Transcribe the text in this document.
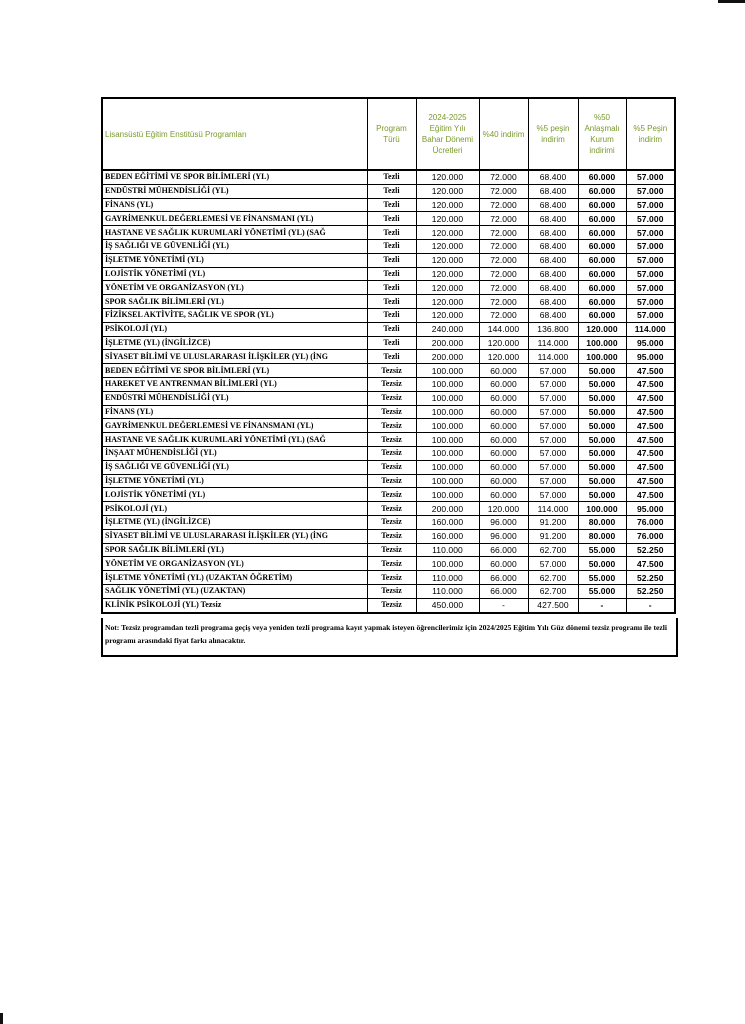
Lisansüstü Eğitim Enstitüsü Programları	Program Türü	2024-2025 Eğitim Yılı Bahar Dönemi Ücretleri	%40 indirim	%5 peşin indirim	%50 Anlaşmalı Kurum indirimi	%5 Peşin indirim
BEDEN EĞİTİMİ VE SPOR BİLİMLERİ (YL)	Tezli	120.000	72.000	68.400	60.000	57.000
ENDÜSTRİ MÜHENDİSLİĞİ (YL)	Tezli	120.000	72.000	68.400	60.000	57.000
FİNANS (YL)	Tezli	120.000	72.000	68.400	60.000	57.000
GAYRİMENKUL DEĞERLEMESİ VE FİNANSMANI (YL)	Tezli	120.000	72.000	68.400	60.000	57.000
HASTANE VE SAĞLIK KURUMLARİ YÖNETİMİ (YL) (SAĞ	Tezli	120.000	72.000	68.400	60.000	57.000
İŞ SAĞLIĞI VE GÜVENLİĞİ (YL)	Tezli	120.000	72.000	68.400	60.000	57.000
İŞLETME YÖNETİMİ (YL)	Tezli	120.000	72.000	68.400	60.000	57.000
LOJİSTİK YÖNETİMİ (YL)	Tezli	120.000	72.000	68.400	60.000	57.000
YÖNETİM VE ORGANİZASYON (YL)	Tezli	120.000	72.000	68.400	60.000	57.000
SPOR SAĞLIK BİLİMLERİ (YL)	Tezli	120.000	72.000	68.400	60.000	57.000
FİZİKSEL AKTİVİTE, SAĞLIK VE SPOR (YL)	Tezli	120.000	72.000	68.400	60.000	57.000
PSİKOLOJİ (YL)	Tezli	240.000	144.000	136.800	120.000	114.000
İŞLETME (YL) (İNGİLİZCE)	Tezli	200.000	120.000	114.000	100.000	95.000
SİYASET BİLİMİ VE ULUSLARARASI İLİŞKİLER (YL) (İNG	Tezli	200.000	120.000	114.000	100.000	95.000
BEDEN EĞİTİMİ VE SPOR BİLİMLERİ (YL)	Tezsiz	100.000	60.000	57.000	50.000	47.500
HAREKET VE ANTRENMAN BİLİMLERİ (YL)	Tezsiz	100.000	60.000	57.000	50.000	47.500
ENDÜSTRİ MÜHENDİSLİĞİ (YL)	Tezsiz	100.000	60.000	57.000	50.000	47.500
FİNANS (YL)	Tezsiz	100.000	60.000	57.000	50.000	47.500
GAYRİMENKUL DEĞERLEMESİ VE FİNANSMANI (YL)	Tezsiz	100.000	60.000	57.000	50.000	47.500
HASTANE VE SAĞLIK KURUMLARİ YÖNETİMİ (YL) (SAĞ	Tezsiz	100.000	60.000	57.000	50.000	47.500
İNŞAAT MÜHENDİSLİĞİ (YL)	Tezsiz	100.000	60.000	57.000	50.000	47.500
İŞ SAĞLIĞI VE GÜVENLİĞİ (YL)	Tezsiz	100.000	60.000	57.000	50.000	47.500
İŞLETME YÖNETİMİ (YL)	Tezsiz	100.000	60.000	57.000	50.000	47.500
LOJİSTİK YÖNETİMİ (YL)	Tezsiz	100.000	60.000	57.000	50.000	47.500
PSİKOLOJİ (YL)	Tezsiz	200.000	120.000	114.000	100.000	95.000
İŞLETME (YL) (İNGİLİZCE)	Tezsiz	160.000	96.000	91.200	80.000	76.000
SİYASET BİLİMİ VE ULUSLARARASI İLİŞKİLER (YL) (İNG	Tezsiz	160.000	96.000	91.200	80.000	76.000
SPOR SAĞLIK BİLİMLERİ (YL)	Tezsiz	110.000	66.000	62.700	55.000	52.250
YÖNETİM VE ORGANİZASYON (YL)	Tezsiz	100.000	60.000	57.000	50.000	47.500
İŞLETME YÖNETİMİ (YL) (UZAKTAN ÖĞRETİM)	Tezsiz	110.000	66.000	62.700	55.000	52.250
SAĞLIK YÖNETİMİ (YL) (UZAKTAN)	Tezsiz	110.000	66.000	62.700	55.000	52.250
KLİNİK PSİKOLOJİ (YL) Tezsiz	Tezsiz	450.000	-	427.500	-	-
Not: Tezsiz programdan tezli programa geçiş veya yeniden tezli programa kayıt yapmak isteyen öğrencilerimiz için 2024/2025 Eğitim Yılı Güz dönemi tezsiz programı ile tezli programı arasındaki fiyat farkı alınacaktır.
